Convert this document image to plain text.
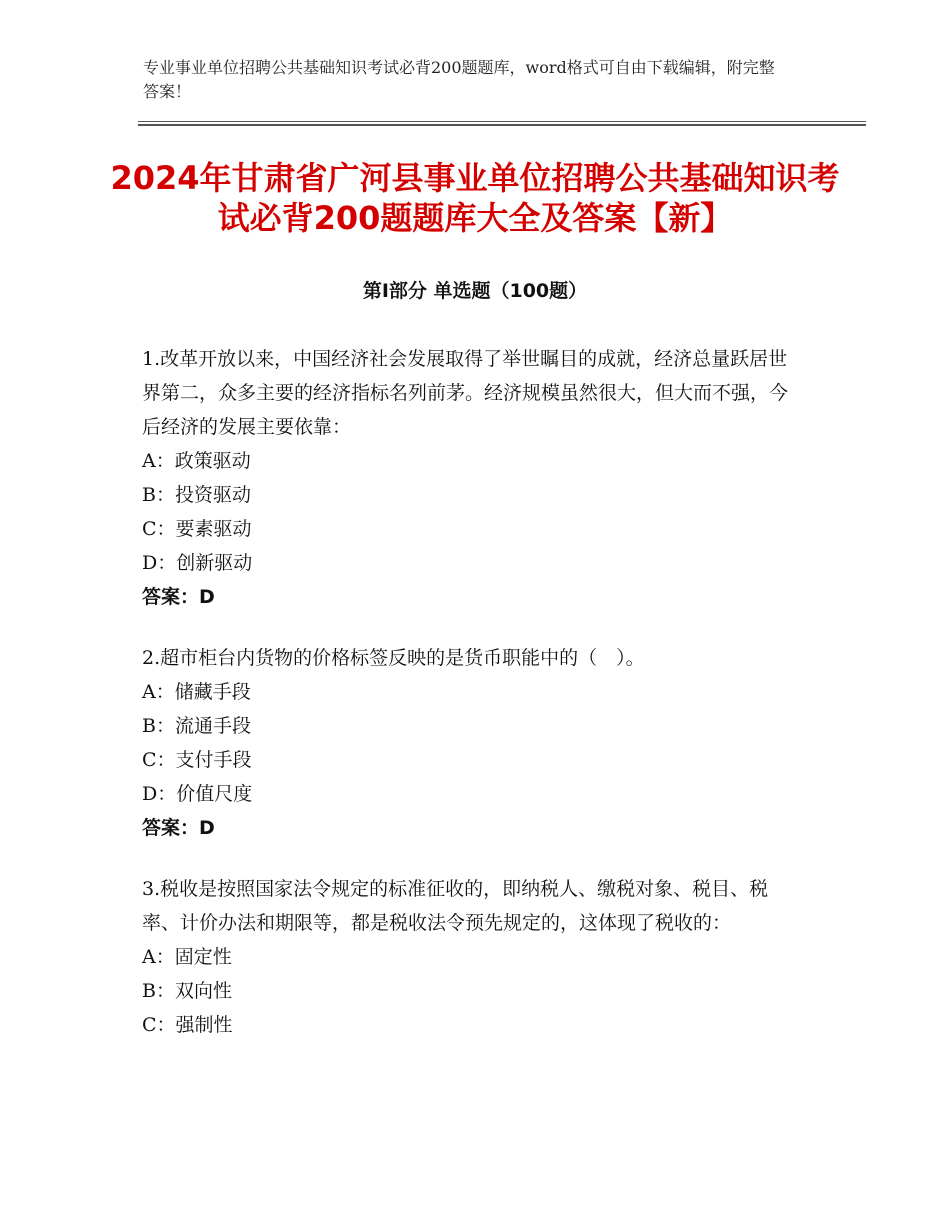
专业事业单位招聘公共基础知识考试必背200题题库，word格式可自由下载编辑，附完整答案！
2024年甘肃省广河县事业单位招聘公共基础知识考试必背200题题库大全及答案【新】
第Ⅰ部分 单选题（100题）

1.改革开放以来，中国经济社会发展取得了举世瞩目的成就，经济总量跃居世界第二，众多主要的经济指标名列前茅。经济规模虽然很大，但大而不强，今后经济的发展主要依靠：

A：政策驱动
B：投资驱动
C：要素驱动
D：创新驱动
答案：D

2.超市柜台内货物的价格标签反映的是货币职能中的（　）。

A：储藏手段
B：流通手段
C：支付手段
D：价值尺度
答案：D

3.税收是按照国家法令规定的标准征收的，即纳税人、缴税对象、税目、税率、计价办法和期限等，都是税收法令预先规定的，这体现了税收的：

A：固定性
B：双向性
C：强制性
